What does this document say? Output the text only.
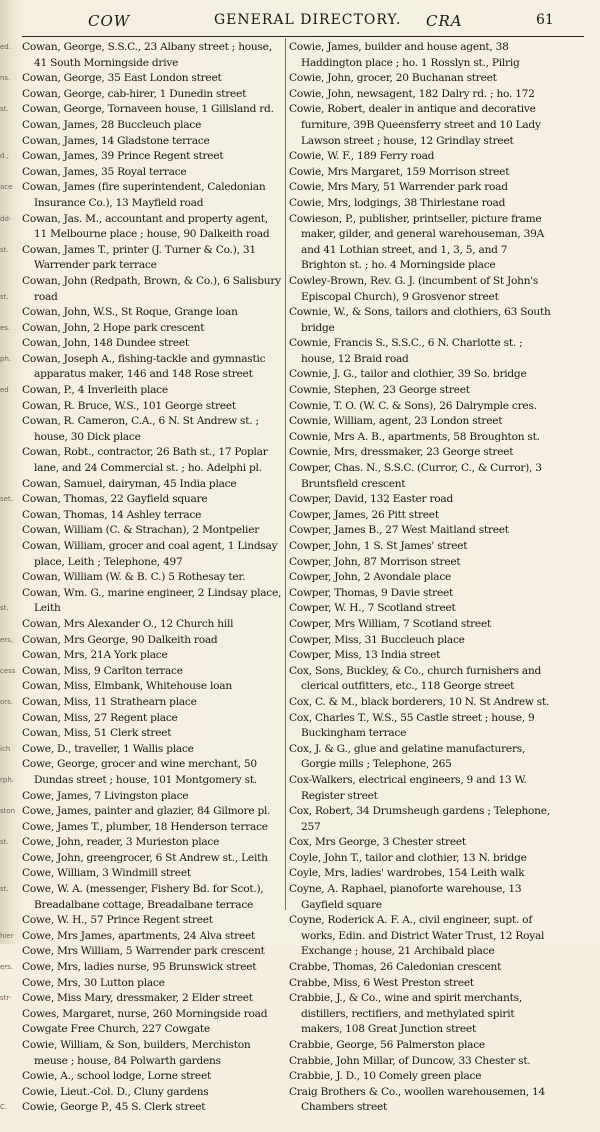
ed.
ns.
st.
d.;
ace
dd-
st.
st.
es.
ph.
ed
set.
st.
ers,
cess
ors.
ich
rph.
ston
st.
st.
hier
ers.
str-
C.
COW	GENERAL DIRECTORY. CRA	61

Cowan, George, S.S.C., 23 Albany street ; house, 41 South Morningside drive

Cowan, George, 35 East London street

Cowan, George, cab-hirer, 1 Dunedin street

Cowan, George, Tornaveen house, 1 Gillsland rd.

Cowan, James, 28 Buccleuch place

Cowan, James, 14 Gladstone terrace

Cowan, James, 39 Prince Regent street

Cowan, James, 35 Royal terrace

Cowan, James (fire superintendent, Caledonian Insurance Co.), 13 Mayfield road

Cowan, Jas. M., accountant and property agent, 11 Melbourne place ; house, 90 Dalkeith road

Cowan, James T., printer (J. Turner & Co.), 31 Warrender park terrace

Cowan, John (Redpath, Brown, & Co.), 6 Salisbury road

Cowan, John, W.S., St Roque, Grange loan

Cowan, John, 2 Hope park crescent

Cowan, John, 148 Dundee street

Cowan, Joseph A., fishing-tackle and gymnastic apparatus maker, 146 and 148 Rose street

Cowan, P., 4 Inverleith place

Cowan, R. Bruce, W.S., 101 George street

Cowan, R. Cameron, C.A., 6 N. St Andrew st. ; house, 30 Dick place

Cowan, Robt., contractor, 26 Bath st., 17 Poplar lane, and 24 Commercial st. ; ho. Adelphi pl.

Cowan, Samuel, dairyman, 45 India place

Cowan, Thomas, 22 Gayfield square

Cowan, Thomas, 14 Ashley terrace

Cowan, William (C. & Strachan), 2 Montpelier

Cowan, William, grocer and coal agent, 1 Lindsay place, Leith ; Telephone, 497

Cowan, William (W. & B. C.) 5 Rothesay ter.

Cowan, Wm. G., marine engineer, 2 Lindsay place, Leith

Cowan, Mrs Alexander O., 12 Church hill

Cowan, Mrs George, 90 Dalkeith road

Cowan, Mrs, 21A York place

Cowan, Miss, 9 Carlton terrace

Cowan, Miss, Elmbank, Whitehouse loan

Cowan, Miss, 11 Strathearn place

Cowan, Miss, 27 Regent place

Cowan, Miss, 51 Clerk street

Cowe, D., traveller, 1 Wallis place

Cowe, George, grocer and wine merchant, 50 Dundas street ; house, 101 Montgomery st.

Cowe, James, 7 Livingston place

Cowe, James, painter and glazier, 84 Gilmore pl.

Cowe, James T., plumber, 18 Henderson terrace

Cowe, John, reader, 3 Murieston place

Cowe, John, greengrocer, 6 St Andrew st., Leith

Cowe, William, 3 Windmill street

Cowe, W. A. (messenger, Fishery Bd. for Scot.), Breadalbane cottage, Breadalbane terrace

Cowe, W. H., 57 Prince Regent street

Cowe, Mrs James, apartments, 24 Alva street

Cowe, Mrs William, 5 Warrender park crescent

Cowe, Mrs, ladies nurse, 95 Brunswick street

Cowe, Mrs, 30 Lutton place

Cowe, Miss Mary, dressmaker, 2 Elder street

Cowes, Margaret, nurse, 260 Morningside road

Cowgate Free Church, 227 Cowgate

Cowie, William, & Son, builders, Merchiston meuse ; house, 84 Polwarth gardens

Cowie, A., school lodge, Lorne street

Cowie, Lieut.-Col. D., Cluny gardens

Cowie, George P., 45 S. Clerk street

Cowie, James, builder and house agent, 38 Haddington place ; ho. 1 Rosslyn st., Pilrig

Cowie, John, grocer, 20 Buchanan street

Cowie, John, newsagent, 182 Dalry rd. ; ho. 172

Cowie, Robert, dealer in antique and decorative furniture, 39B Queensferry street and 10 Lady Lawson street ; house, 12 Grindlay street

Cowie, W. F., 189 Ferry road

Cowie, Mrs Margaret, 159 Morrison street

Cowie, Mrs Mary, 51 Warrender park road

Cowie, Mrs, lodgings, 38 Thirlestane road

Cowieson, P., publisher, printseller, picture frame maker, gilder, and general warehouseman, 39A and 41 Lothian street, and 1, 3, 5, and 7 Brighton st. ; ho. 4 Morningside place

Cowley-Brown, Rev. G. J. (incumbent of St John's Episcopal Church), 9 Grosvenor street

Cownie, W., & Sons, tailors and clothiers, 63 South bridge

Cownie, Francis S., S.S.C., 6 N. Charlotte st. ; house, 12 Braid road

Cownie, J. G., tailor and clothier, 39 So. bridge

Cownie, Stephen, 23 George street

Cownie, T. O. (W. C. & Sons), 26 Dalrymple cres.

Cownie, William, agent, 23 London street

Cownie, Mrs A. B., apartments, 58 Broughton st.

Cownie, Mrs, dressmaker, 23 George street

Cowper, Chas. N., S.S.C. (Curror, C., & Curror), 3 Bruntsfield crescent

Cowper, David, 132 Easter road

Cowper, James, 26 Pitt street

Cowper, James B., 27 West Maitland street

Cowper, John, 1 S. St James' street

Cowper, John, 87 Morrison street

Cowper, John, 2 Avondale place

Cowper, Thomas, 9 Davie street

Cowper, W. H., 7 Scotland street

Cowper, Mrs William, 7 Scotland street

Cowper, Miss, 31 Buccleuch place

Cowper, Miss, 13 India street

Cox, Sons, Buckley, & Co., church furnishers and clerical outfitters, etc., 118 George street

Cox, C. & M., black borderers, 10 N. St Andrew st.

Cox, Charles T., W.S., 55 Castle street ; house, 9 Buckingham terrace

Cox, J. & G., glue and gelatine manufacturers, Gorgie mills ; Telephone, 265

Cox-Walkers, electrical engineers, 9 and 13 W. Register street

Cox, Robert, 34 Drumsheugh gardens ; Telephone, 257

Cox, Mrs George, 3 Chester street

Coyle, John T., tailor and clothier, 13 N. bridge

Coyle, Mrs, ladies' wardrobes, 154 Leith walk

Coyne, A. Raphael, pianoforte warehouse, 13 Gayfield square

Coyne, Roderick A. F. A., civil engineer, supt. of works, Edin. and District Water Trust, 12 Royal Exchange ; house, 21 Archibald place

Crabbe, Thomas, 26 Caledonian crescent

Crabbe, Miss, 6 West Preston street

Crabbie, J., & Co., wine and spirit merchants, distillers, rectifiers, and methylated spirit makers, 108 Great Junction street

Crabbie, George, 56 Palmerston place

Crabbie, John Millar, of Duncow, 33 Chester st.

Crabbie, J. D., 10 Comely green place

Craig Brothers & Co., woollen warehousemen, 14 Chambers street
